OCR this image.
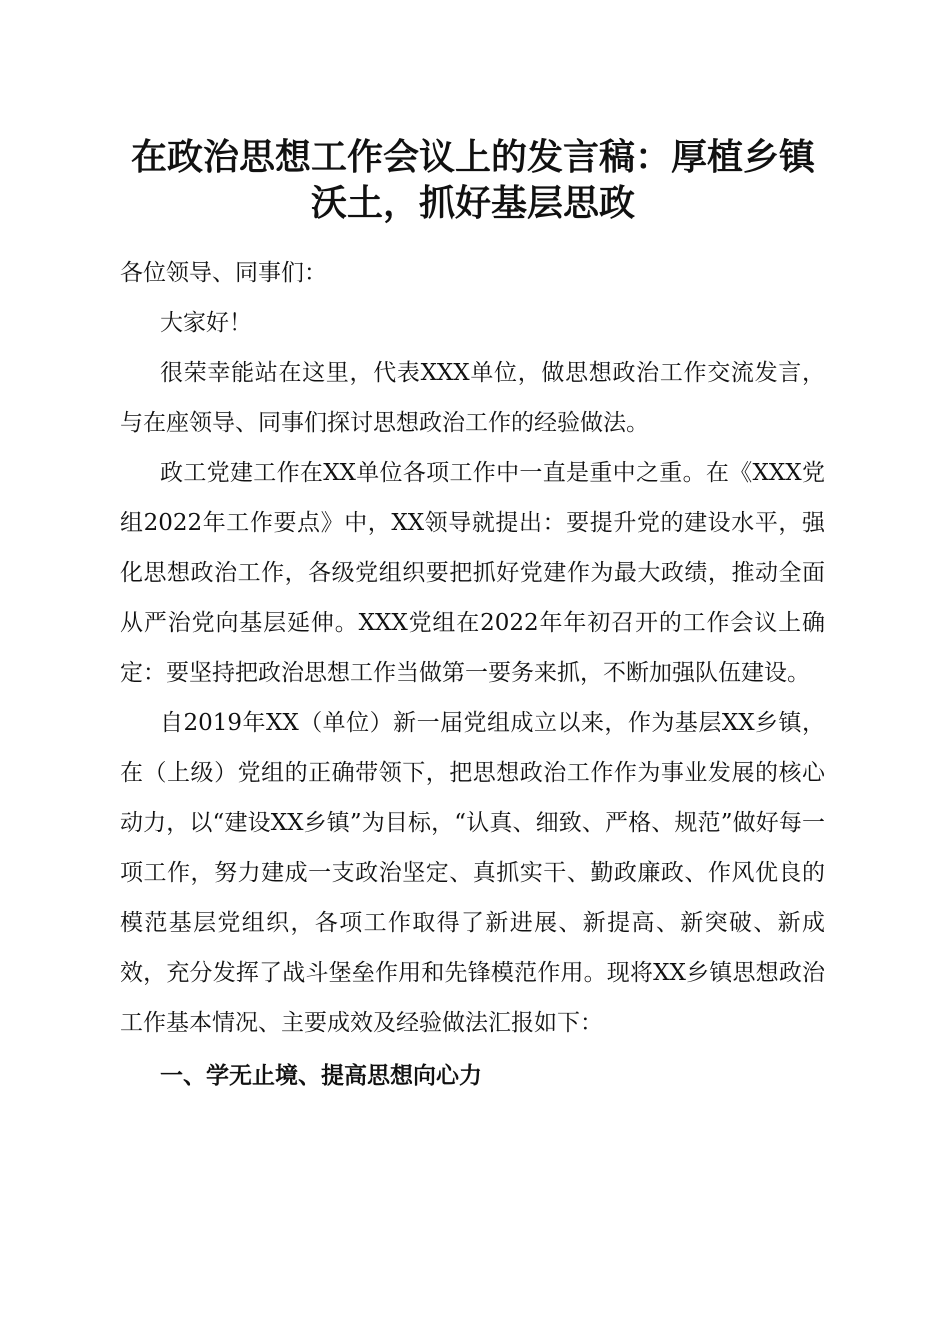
在政治思想工作会议上的发言稿：厚植乡镇沃土，抓好基层思政

各位领导、同事们：

大家好！

很荣幸能站在这里，代表XXX单位，做思想政治工作交流发言，与在座领导、同事们探讨思想政治工作的经验做法。

政工党建工作在XX单位各项工作中一直是重中之重。在《XXX党组2022年工作要点》中，XX领导就提出：要提升党的建设水平，强化思想政治工作，各级党组织要把抓好党建作为最大政绩，推动全面从严治党向基层延伸。XXX党组在2022年年初召开的工作会议上确定：要坚持把政治思想工作当做第一要务来抓，不断加强队伍建设。

自2019年XX（单位）新一届党组成立以来，作为基层XX乡镇，在（上级）党组的正确带领下，把思想政治工作作为事业发展的核心动力，以“建设XX乡镇”为目标，“认真、细致、严格、规范”做好每一项工作，努力建成一支政治坚定、真抓实干、勤政廉政、作风优良的模范基层党组织，各项工作取得了新进展、新提高、新突破、新成效，充分发挥了战斗堡垒作用和先锋模范作用。现将XX乡镇思想政治工作基本情况、主要成效及经验做法汇报如下：

一、学无止境、提高思想向心力
